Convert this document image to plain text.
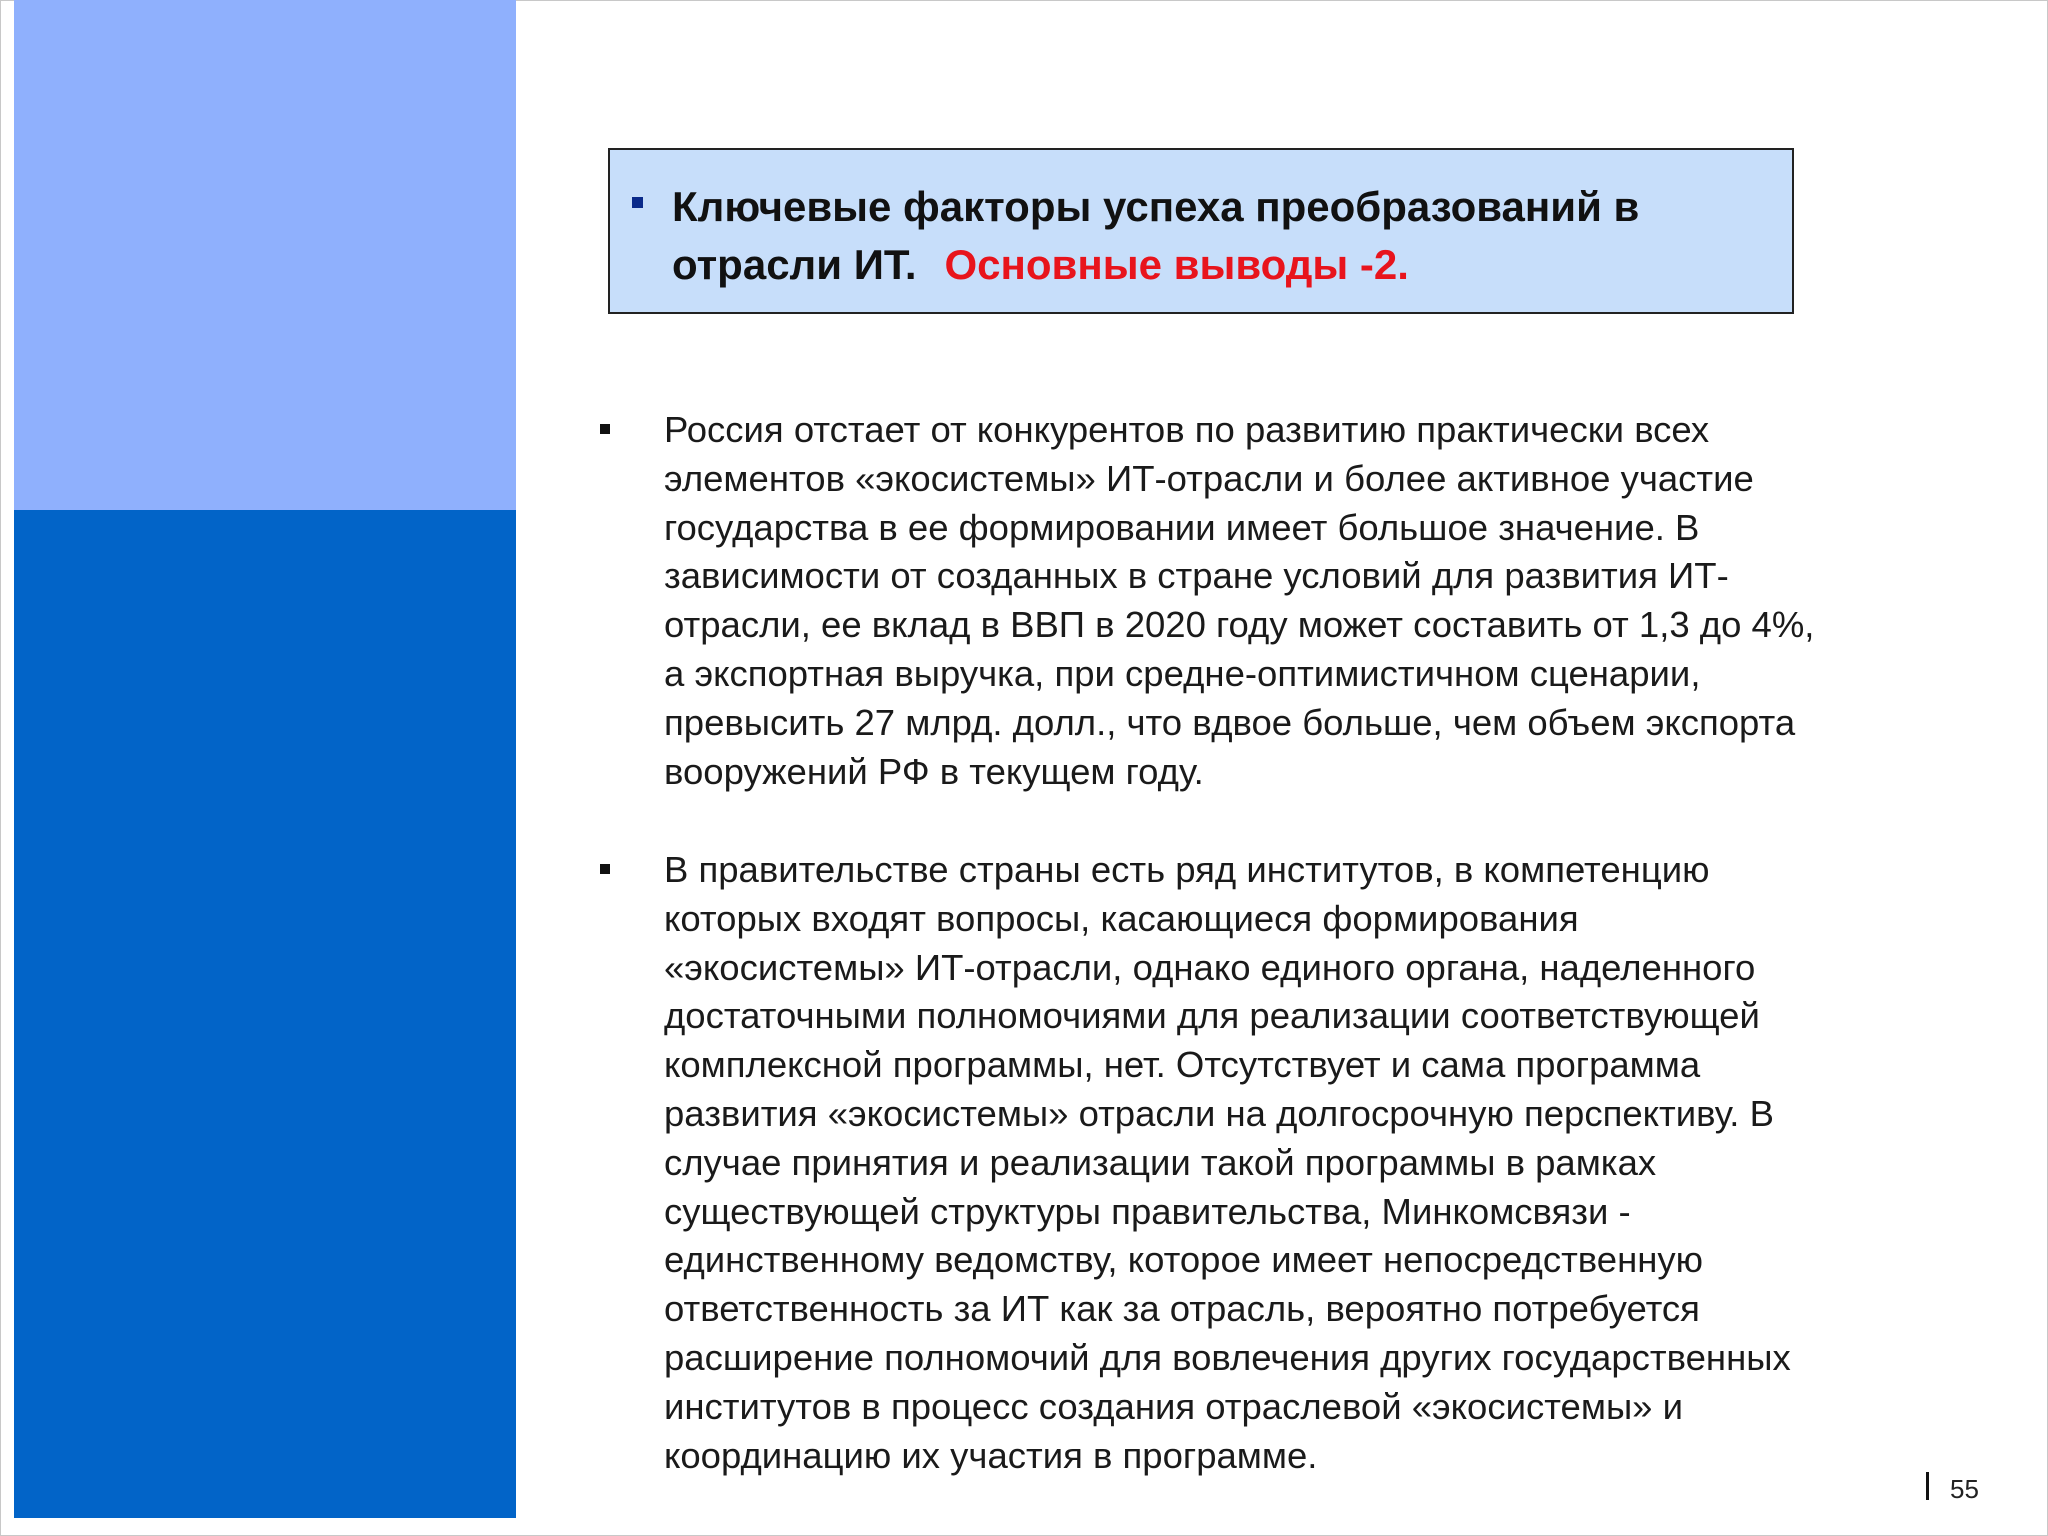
Ключевые факторы успеха преобразований в отрасли ИТ. Основные выводы -2.
Россия отстает от конкурентов по развитию практически всех
элементов «экосистемы» ИТ-отрасли и более активное участие
государства в ее формировании имеет большое значение. В
зависимости от созданных в стране условий для развития ИТ-
отрасли, ее вклад в ВВП в 2020 году может составить от 1,3 до 4%,
а экспортная выручка, при средне-оптимистичном сценарии,
превысить 27 млрд. долл., что вдвое больше, чем объем экспорта
вооружений РФ в текущем году.
В правительстве страны есть ряд институтов, в компетенцию
которых входят вопросы, касающиеся формирования
«экосистемы» ИТ-отрасли, однако единого органа, наделенного
достаточными полномочиями для реализации соответствующей
комплексной программы, нет. Отсутствует и сама программа
развития «экосистемы» отрасли на долгосрочную перспективу. В
случае принятия и реализации такой программы в рамках
существующей структуры правительства, Минкомсвязи -
единственному ведомству, которое имеет непосредственную
ответственность за ИТ как за отрасль, вероятно потребуется
расширение полномочий для вовлечения других государственных
институтов в процесс создания отраслевой «экосистемы» и
координацию их участия в программе.
55
